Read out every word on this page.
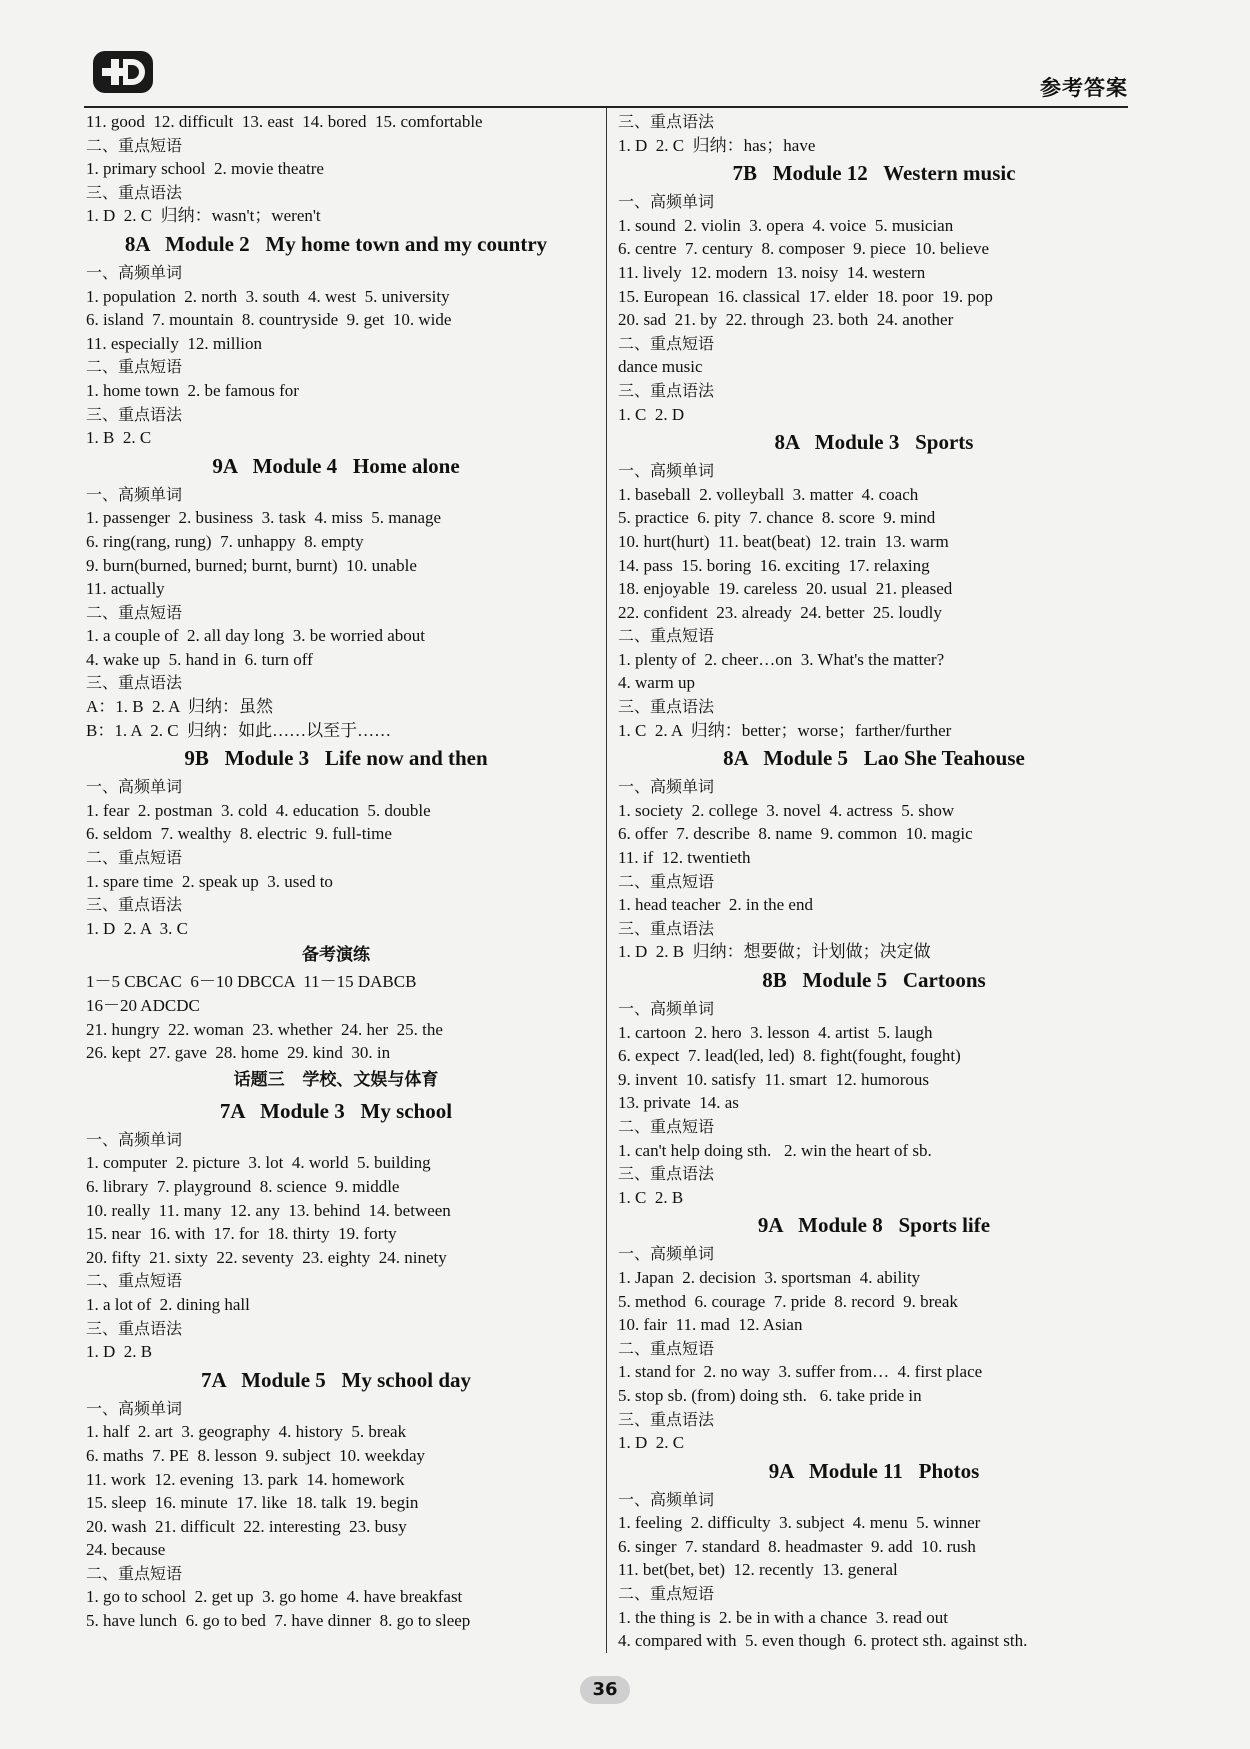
参考答案
11. good  12. difficult  13. east  14. bored  15. comfortable
二、重点短语
1. primary school  2. movie theatre
三、重点语法
1. D  2. C  归纳：wasn't；weren't
8A   Module 2   My home town and my country
一、高频单词
1. population  2. north  3. south  4. west  5. university
6. island  7. mountain  8. countryside  9. get  10. wide
11. especially  12. million
二、重点短语
1. home town  2. be famous for
三、重点语法
1. B  2. C
9A   Module 4   Home alone
一、高频单词
1. passenger  2. business  3. task  4. miss  5. manage
6. ring(rang, rung)  7. unhappy  8. empty
9. burn(burned, burned; burnt, burnt)  10. unable
11. actually
二、重点短语
1. a couple of  2. all day long  3. be worried about
4. wake up  5. hand in  6. turn off
三、重点语法
A：1. B  2. A  归纳：虽然
B：1. A  2. C  归纳：如此……以至于……
9B   Module 3   Life now and then
一、高频单词
1. fear  2. postman  3. cold  4. education  5. double
6. seldom  7. wealthy  8. electric  9. full-time
二、重点短语
1. spare time  2. speak up  3. used to
三、重点语法
1. D  2. A  3. C
备考演练
1－5 CBCAC  6－10 DBCCA  11－15 DABCB
16－20 ADCDC
21. hungry  22. woman  23. whether  24. her  25. the
26. kept  27. gave  28. home  29. kind  30. in
话题三   学校、文娱与体育
7A   Module 3   My school
一、高频单词
1. computer  2. picture  3. lot  4. world  5. building
6. library  7. playground  8. science  9. middle
10. really  11. many  12. any  13. behind  14. between
15. near  16. with  17. for  18. thirty  19. forty
20. fifty  21. sixty  22. seventy  23. eighty  24. ninety
二、重点短语
1. a lot of  2. dining hall
三、重点语法
1. D  2. B
7A   Module 5   My school day
一、高频单词
1. half  2. art  3. geography  4. history  5. break
6. maths  7. PE  8. lesson  9. subject  10. weekday
11. work  12. evening  13. park  14. homework
15. sleep  16. minute  17. like  18. talk  19. begin
20. wash  21. difficult  22. interesting  23. busy
24. because
二、重点短语
1. go to school  2. get up  3. go home  4. have breakfast
5. have lunch  6. go to bed  7. have dinner  8. go to sleep
三、重点语法
1. D  2. C  归纳：has；have
7B   Module 12   Western music
一、高频单词
1. sound  2. violin  3. opera  4. voice  5. musician
6. centre  7. century  8. composer  9. piece  10. believe
11. lively  12. modern  13. noisy  14. western
15. European  16. classical  17. elder  18. poor  19. pop
20. sad  21. by  22. through  23. both  24. another
二、重点短语
dance music
三、重点语法
1. C  2. D
8A   Module 3   Sports
一、高频单词
1. baseball  2. volleyball  3. matter  4. coach
5. practice  6. pity  7. chance  8. score  9. mind
10. hurt(hurt)  11. beat(beat)  12. train  13. warm
14. pass  15. boring  16. exciting  17. relaxing
18. enjoyable  19. careless  20. usual  21. pleased
22. confident  23. already  24. better  25. loudly
二、重点短语
1. plenty of  2. cheer…on  3. What's the matter?
4. warm up
三、重点语法
1. C  2. A  归纳：better；worse；farther/further
8A   Module 5   Lao She Teahouse
一、高频单词
1. society  2. college  3. novel  4. actress  5. show
6. offer  7. describe  8. name  9. common  10. magic
11. if  12. twentieth
二、重点短语
1. head teacher  2. in the end
三、重点语法
1. D  2. B  归纳：想要做；计划做；决定做
8B   Module 5   Cartoons
一、高频单词
1. cartoon  2. hero  3. lesson  4. artist  5. laugh
6. expect  7. lead(led, led)  8. fight(fought, fought)
9. invent  10. satisfy  11. smart  12. humorous
13. private  14. as
二、重点短语
1. can't help doing sth.   2. win the heart of sb.
三、重点语法
1. C  2. B
9A   Module 8   Sports life
一、高频单词
1. Japan  2. decision  3. sportsman  4. ability
5. method  6. courage  7. pride  8. record  9. break
10. fair  11. mad  12. Asian
二、重点短语
1. stand for  2. no way  3. suffer from…  4. first place
5. stop sb. (from) doing sth.   6. take pride in
三、重点语法
1. D  2. C
9A   Module 11   Photos
一、高频单词
1. feeling  2. difficulty  3. subject  4. menu  5. winner
6. singer  7. standard  8. headmaster  9. add  10. rush
11. bet(bet, bet)  12. recently  13. general
二、重点短语
1. the thing is  2. be in with a chance  3. read out
4. compared with  5. even though  6. protect sth. against sth.
36
